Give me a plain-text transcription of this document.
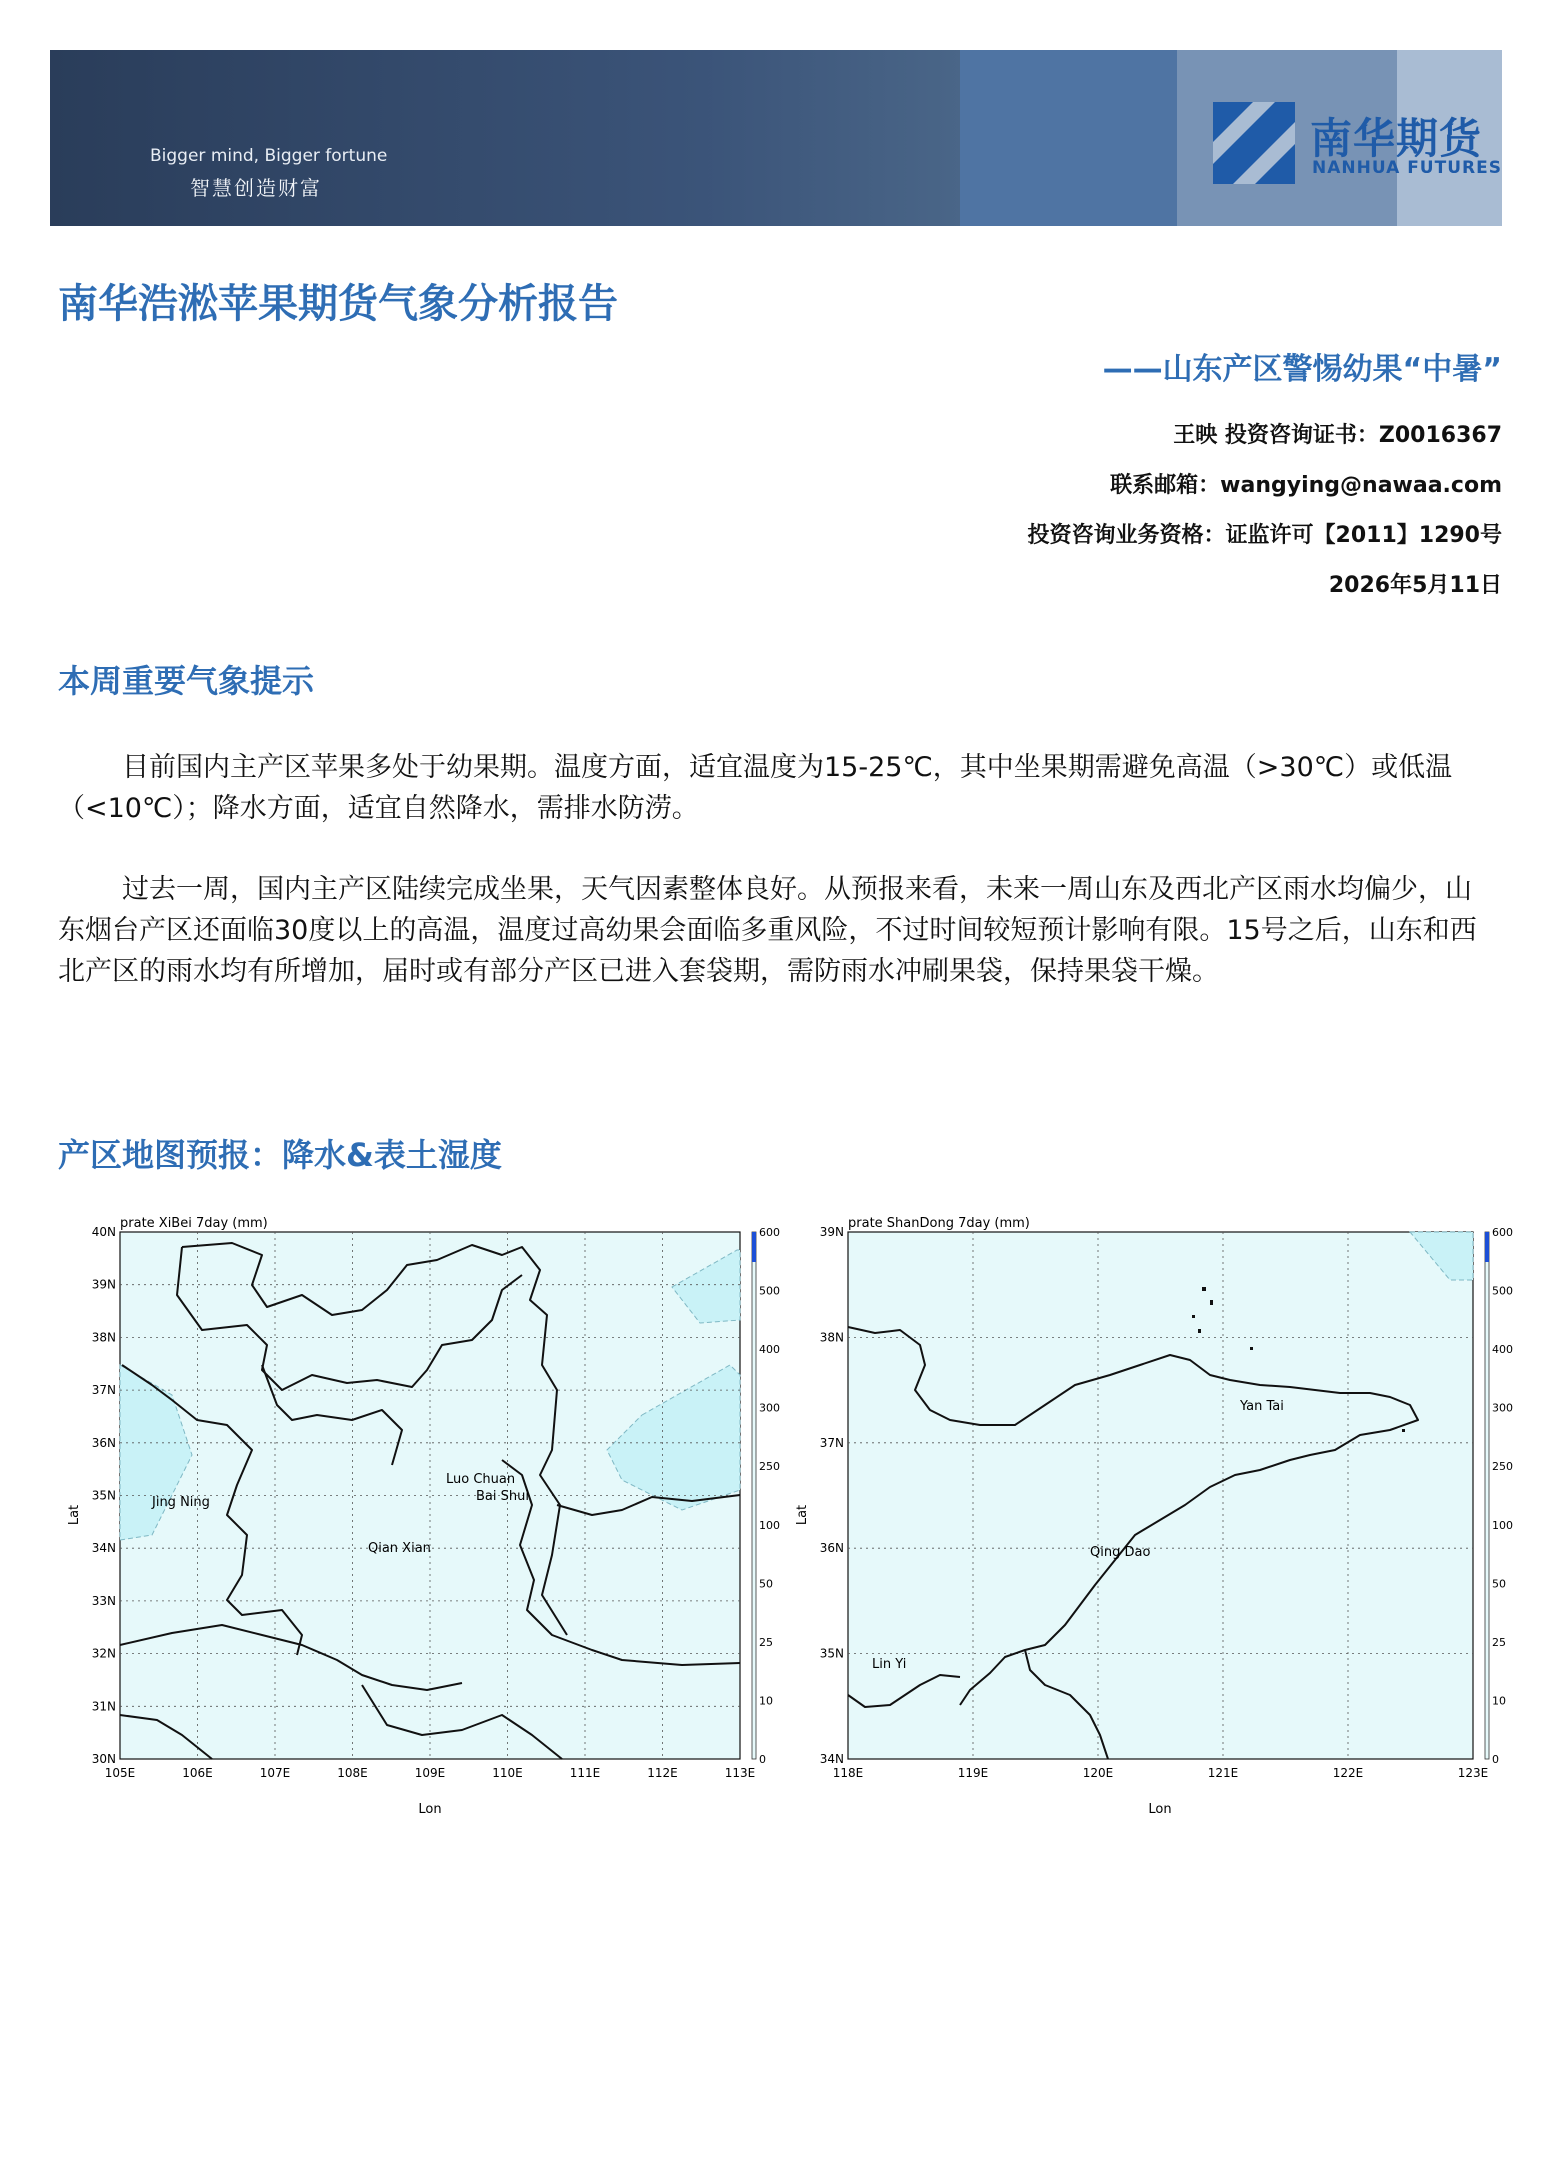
Bigger mind, Bigger fortune
智慧创造财富
南华期货
NANHUA FUTURES
南华浩淞苹果期货气象分析报告
——山东产区警惕幼果“中暑”
王映 投资咨询证书：Z0016367
联系邮箱：wangying@nawaa.com
投资咨询业务资格：证监许可【2011】1290号
2026年5月11日
本周重要气象提示

目前国内主产区苹果多处于幼果期。温度方面，适宜温度为15-25℃，其中坐果期需避免高温（>30℃）或低温（<10℃）；降水方面，适宜自然降水，需排水防涝。

过去一周，国内主产区陆续完成坐果，天气因素整体良好。从预报来看，未来一周山东及西北产区雨水均偏少，山东烟台产区还面临30度以上的高温，温度过高幼果会面临多重风险，不过时间较短预计影响有限。15号之后，山东和西北产区的雨水均有所增加，届时或有部分产区已进入套袋期，需防雨水冲刷果袋，保持果袋干燥。

产区地图预报：降水&表土湿度
prate XiBei 7day (mm)
105E	106E	107E	108E	109E	110E	111E	112E	113E
40N
39N
38N
37N
36N
35N
34N
33N
32N
31N
30N
600
500
400
300
250
100
50
25
10
0
Lon
Lat
Jing Ning
Luo Chuan
Bai Shui
Qian Xian
prate ShanDong 7day (mm)
118E	119E	120E	121E	122E	123E
39N
38N
37N
36N
35N
34N
600
500
400
300
250
100
50
25
10
0
Lon
Lat
Yan Tai
Qing Dao
Lin Yi
